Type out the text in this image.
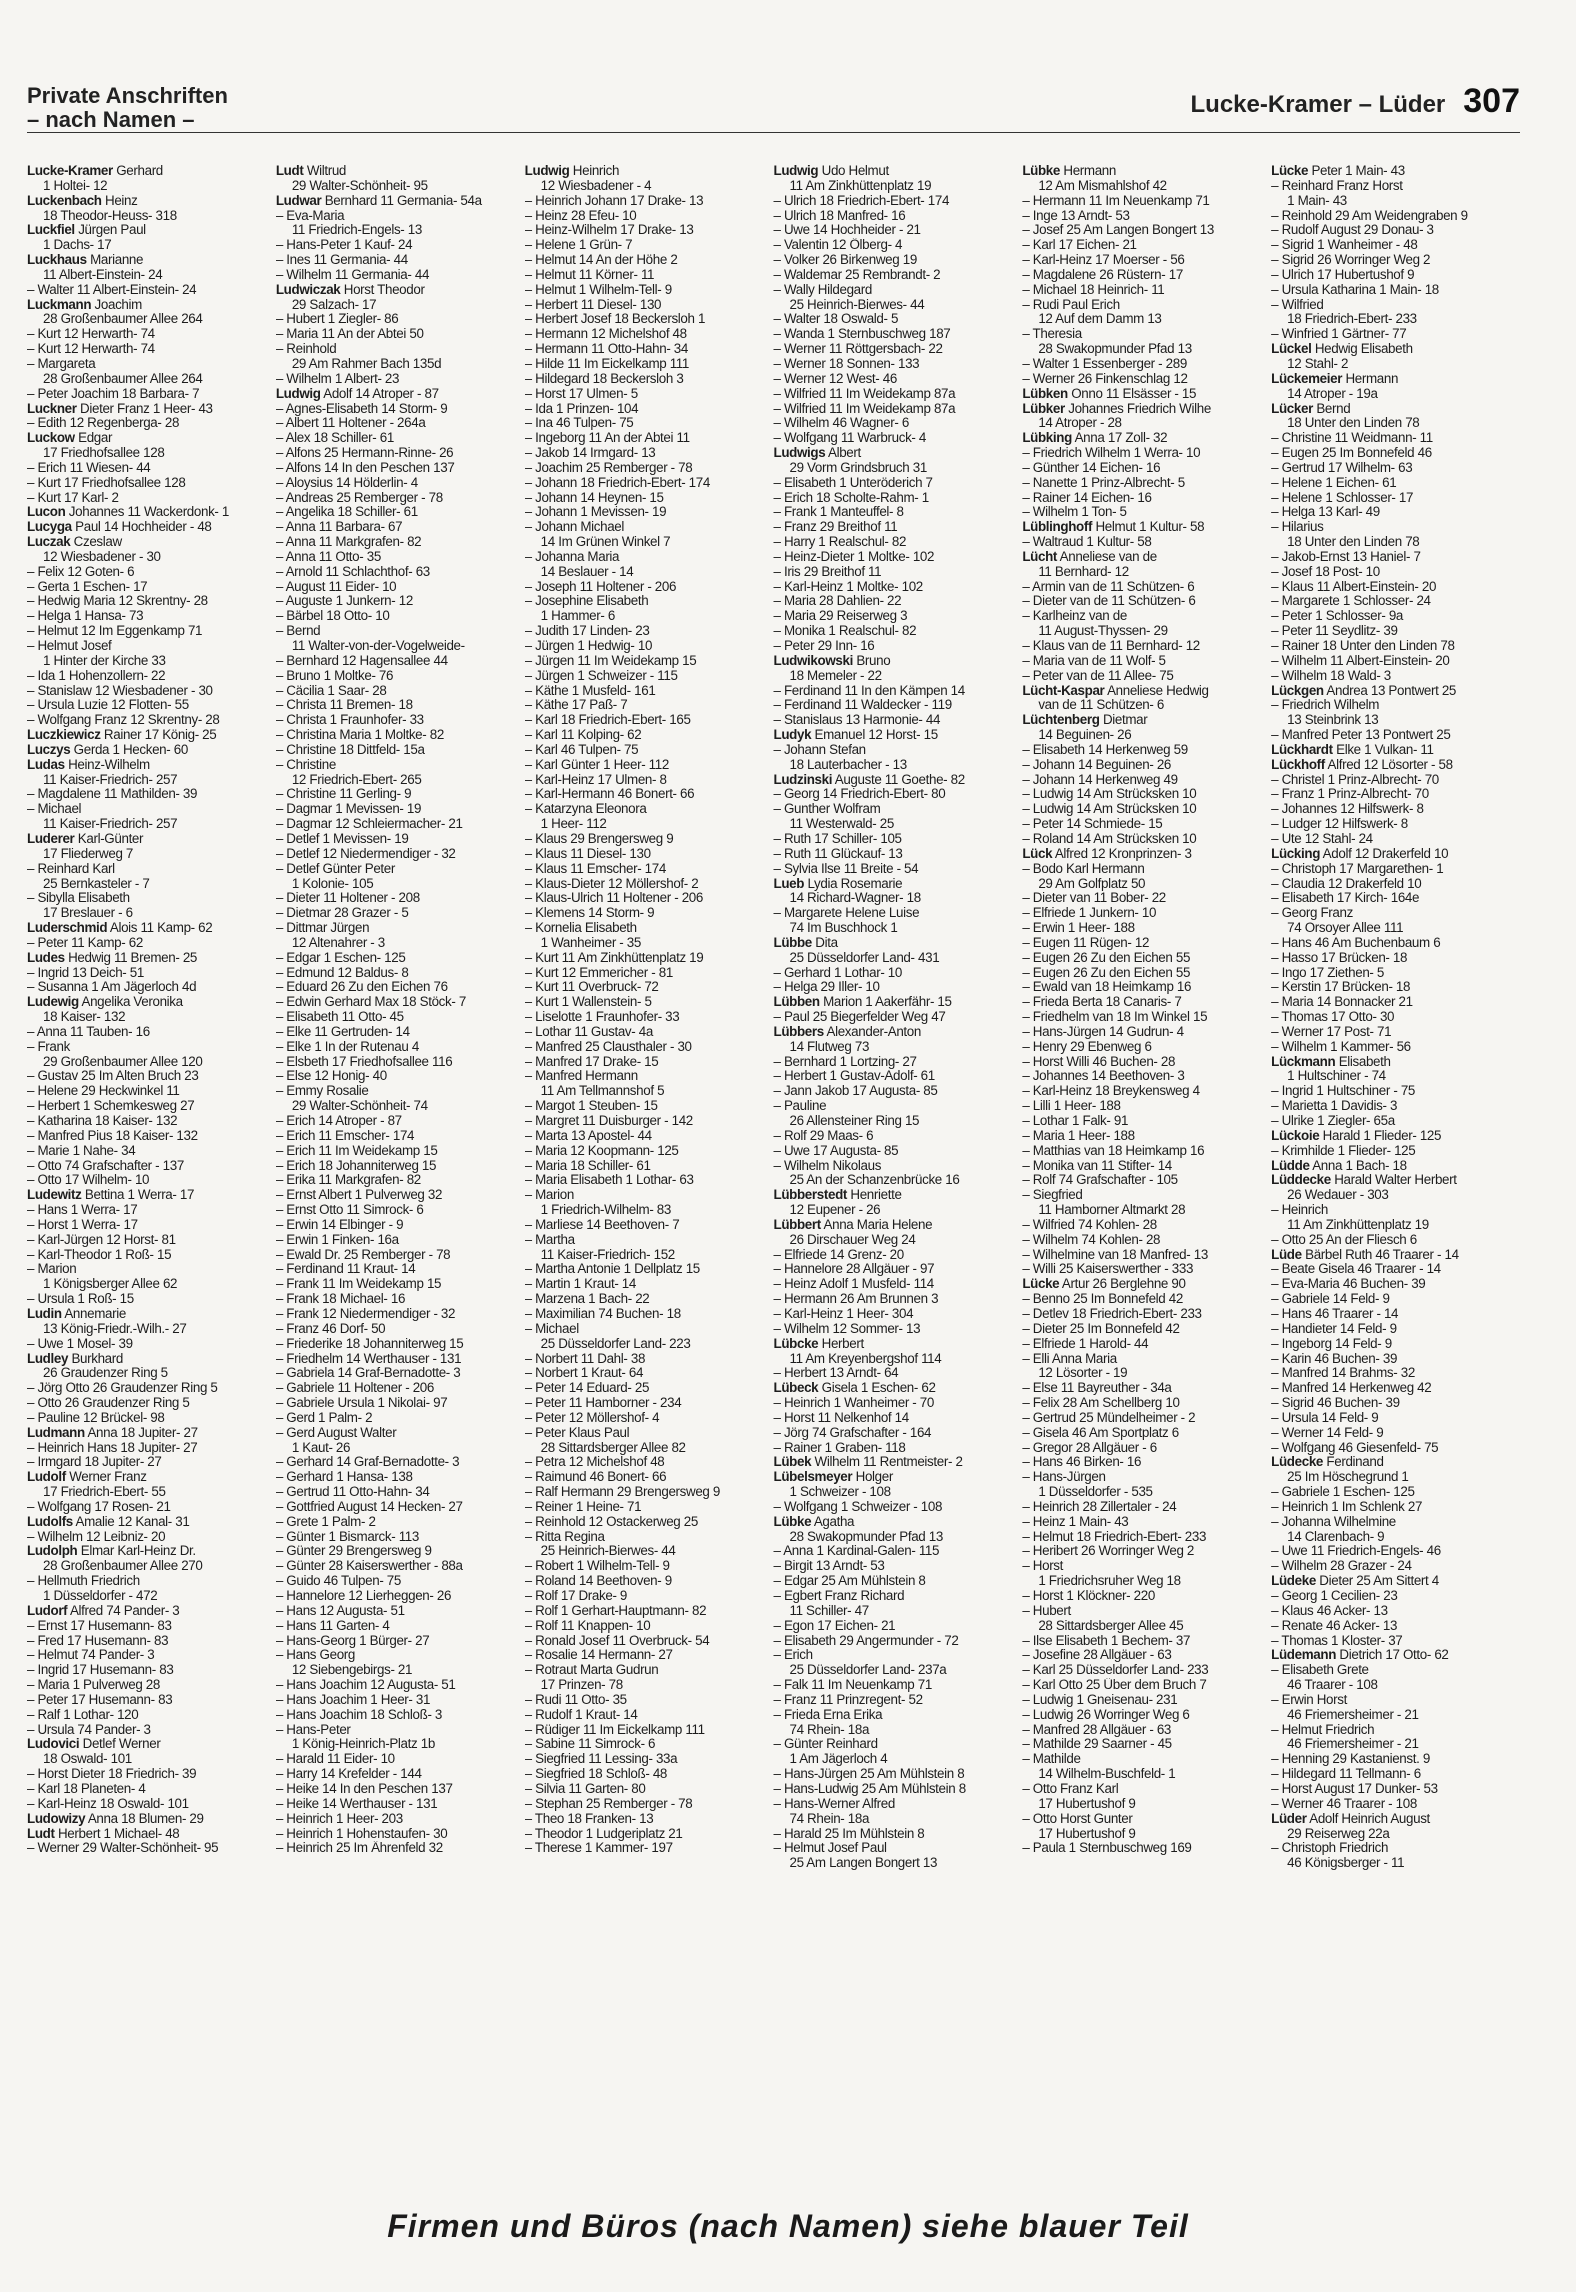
Private Anschriften
– nach Namen –
Lucke-Kramer – Lüder 307
Lucke-Kramer Gerhard
1 Holtei- 12
Luckenbach Heinz
18 Theodor-Heuss- 318
Luckfiel Jürgen Paul
1 Dachs- 17
Luckhaus Marianne
11 Albert-Einstein- 24
– Walter 11 Albert-Einstein- 24
Luckmann Joachim
28 Großenbaumer Allee 264
– Kurt 12 Herwarth- 74
– Kurt 12 Herwarth- 74
– Margareta
28 Großenbaumer Allee 264
– Peter Joachim 18 Barbara- 7
Luckner Dieter Franz 1 Heer- 43
– Edith 12 Regenberga- 28
Luckow Edgar
17 Friedhofsallee 128
– Erich 11 Wiesen- 44
– Kurt 17 Friedhofsallee 128
– Kurt 17 Karl- 2
Lucon Johannes 11 Wackerdonk- 1
Lucyga Paul 14 Hochheider - 48
Luczak Czeslaw
12 Wiesbadener - 30
– Felix 12 Goten- 6
– Gerta 1 Eschen- 17
– Hedwig Maria 12 Skrentny- 28
– Helga 1 Hansa- 73
– Helmut 12 Im Eggenkamp 71
– Helmut Josef
1 Hinter der Kirche 33
– Ida 1 Hohenzollern- 22
– Stanislaw 12 Wiesbadener - 30
– Ursula Luzie 12 Flotten- 55
– Wolfgang Franz 12 Skrentny- 28
Luczkiewicz Rainer 17 König- 25
Luczys Gerda 1 Hecken- 60
Ludas Heinz-Wilhelm
11 Kaiser-Friedrich- 257
– Magdalene 11 Mathilden- 39
– Michael
11 Kaiser-Friedrich- 257
Luderer Karl-Günter
17 Fliederweg 7
– Reinhard Karl
25 Bernkasteler - 7
– Sibylla Elisabeth
17 Breslauer - 6
Luderschmid Alois 11 Kamp- 62
– Peter 11 Kamp- 62
Ludes Hedwig 11 Bremen- 25
– Ingrid 13 Deich- 51
– Susanna 1 Am Jägerloch 4d
Ludewig Angelika Veronika
18 Kaiser- 132
– Anna 11 Tauben- 16
– Frank
29 Großenbaumer Allee 120
– Gustav 25 Im Alten Bruch 23
– Helene 29 Heckwinkel 11
– Herbert 1 Schemkesweg 27
– Katharina 18 Kaiser- 132
– Manfred Pius 18 Kaiser- 132
– Marie 1 Nahe- 34
– Otto 74 Grafschafter - 137
– Otto 17 Wilhelm- 10
Ludewitz Bettina 1 Werra- 17
– Hans 1 Werra- 17
– Horst 1 Werra- 17
– Karl-Jürgen 12 Horst- 81
– Karl-Theodor 1 Roß- 15
– Marion
1 Königsberger Allee 62
– Ursula 1 Roß- 15
Ludin Annemarie
13 König-Friedr.-Wilh.- 27
– Uwe 1 Mosel- 39
Ludley Burkhard
26 Graudenzer Ring 5
– Jörg Otto 26 Graudenzer Ring 5
– Otto 26 Graudenzer Ring 5
– Pauline 12 Brückel- 98
Ludmann Anna 18 Jupiter- 27
– Heinrich Hans 18 Jupiter- 27
– Irmgard 18 Jupiter- 27
Ludolf Werner Franz
17 Friedrich-Ebert- 55
– Wolfgang 17 Rosen- 21
Ludolfs Amalie 12 Kanal- 31
– Wilhelm 12 Leibniz- 20
Ludolph Elmar Karl-Heinz Dr.
28 Großenbaumer Allee 270
– Hellmuth Friedrich
1 Düsseldorfer - 472
Ludorf Alfred 74 Pander- 3
– Ernst 17 Husemann- 83
– Fred 17 Husemann- 83
– Helmut 74 Pander- 3
– Ingrid 17 Husemann- 83
– Maria 1 Pulverweg 28
– Peter 17 Husemann- 83
– Ralf 1 Lothar- 120
– Ursula 74 Pander- 3
Ludovici Detlef Werner
18 Oswald- 101
– Horst Dieter 18 Friedrich- 39
– Karl 18 Planeten- 4
– Karl-Heinz 18 Oswald- 101
Ludowizy Anna 18 Blumen- 29
Ludt Herbert 1 Michael- 48
– Werner 29 Walter-Schönheit- 95
Ludt Wiltrud
29 Walter-Schönheit- 95
Ludwar Bernhard 11 Germania- 54a
– Eva-Maria
11 Friedrich-Engels- 13
– Hans-Peter 1 Kauf- 24
– Ines 11 Germania- 44
– Wilhelm 11 Germania- 44
Ludwiczak Horst Theodor
29 Salzach- 17
– Hubert 1 Ziegler- 86
– Maria 11 An der Abtei 50
– Reinhold
29 Am Rahmer Bach 135d
– Wilhelm 1 Albert- 23
Ludwig Adolf 14 Atroper - 87
– Agnes-Elisabeth 14 Storm- 9
– Albert 11 Holtener - 264a
– Alex 18 Schiller- 61
– Alfons 25 Hermann-Rinne- 26
– Alfons 14 In den Peschen 137
– Aloysius 14 Hölderlin- 4
– Andreas 25 Remberger - 78
– Angelika 18 Schiller- 61
– Anna 11 Barbara- 67
– Anna 11 Markgrafen- 82
– Anna 11 Otto- 35
– Arnold 11 Schlachthof- 63
– August 11 Eider- 10
– Auguste 1 Junkern- 12
– Bärbel 18 Otto- 10
– Bernd
11 Walter-von-der-Vogelweide-
– Bernhard 12 Hagensallee 44
– Bruno 1 Moltke- 76
– Cäcilia 1 Saar- 28
– Christa 11 Bremen- 18
– Christa 1 Fraunhofer- 33
– Christina Maria 1 Moltke- 82
– Christine 18 Dittfeld- 15a
– Christine
12 Friedrich-Ebert- 265
– Christine 11 Gerling- 9
– Dagmar 1 Mevissen- 19
– Dagmar 12 Schleiermacher- 21
– Detlef 1 Mevissen- 19
– Detlef 12 Niedermendiger - 32
– Detlef Günter Peter
1 Kolonie- 105
– Dieter 11 Holtener - 208
– Dietmar 28 Grazer - 5
– Dittmar Jürgen
12 Altenahrer - 3
– Edgar 1 Eschen- 125
– Edmund 12 Baldus- 8
– Eduard 26 Zu den Eichen 76
– Edwin Gerhard Max 18 Stöck- 7
– Elisabeth 11 Otto- 45
– Elke 11 Gertruden- 14
– Elke 1 In der Rutenau 4
– Elsbeth 17 Friedhofsallee 116
– Else 12 Honig- 40
– Emmy Rosalie
29 Walter-Schönheit- 74
– Erich 14 Atroper - 87
– Erich 11 Emscher- 174
– Erich 11 Im Weidekamp 15
– Erich 18 Johanniterweg 15
– Erika 11 Markgrafen- 82
– Ernst Albert 1 Pulverweg 32
– Ernst Otto 11 Simrock- 6
– Erwin 14 Elbinger - 9
– Erwin 1 Finken- 16a
– Ewald Dr. 25 Remberger - 78
– Ferdinand 11 Kraut- 14
– Frank 11 Im Weidekamp 15
– Frank 18 Michael- 16
– Frank 12 Niedermendiger - 32
– Franz 46 Dorf- 50
– Friederike 18 Johanniterweg 15
– Friedhelm 14 Werthauser - 131
– Gabriela 14 Graf-Bernadotte- 3
– Gabriele 11 Holtener - 206
– Gabriele Ursula 1 Nikolai- 97
– Gerd 1 Palm- 2
– Gerd August Walter
1 Kaut- 26
– Gerhard 14 Graf-Bernadotte- 3
– Gerhard 1 Hansa- 138
– Gertrud 11 Otto-Hahn- 34
– Gottfried August 14 Hecken- 27
– Grete 1 Palm- 2
– Günter 1 Bismarck- 113
– Günter 29 Brengersweg 9
– Günter 28 Kaiserswerther - 88a
– Guido 46 Tulpen- 75
– Hannelore 12 Lierheggen- 26
– Hans 12 Augusta- 51
– Hans 11 Garten- 4
– Hans-Georg 1 Bürger- 27
– Hans Georg
12 Siebengebirgs- 21
– Hans Joachim 12 Augusta- 51
– Hans Joachim 1 Heer- 31
– Hans Joachim 18 Schloß- 3
– Hans-Peter
1 König-Heinrich-Platz 1b
– Harald 11 Eider- 10
– Harry 14 Krefelder - 144
– Heike 14 In den Peschen 137
– Heike 14 Werthauser - 131
– Heinrich 1 Heer- 203
– Heinrich 1 Hohenstaufen- 30
– Heinrich 25 Im Ährenfeld 32
Ludwig Heinrich
12 Wiesbadener - 4
– Heinrich Johann 17 Drake- 13
– Heinz 28 Efeu- 10
– Heinz-Wilhelm 17 Drake- 13
– Helene 1 Grün- 7
– Helmut 14 An der Höhe 2
– Helmut 11 Körner- 11
– Helmut 1 Wilhelm-Tell- 9
– Herbert 11 Diesel- 130
– Herbert Josef 18 Beckersloh 1
– Hermann 12 Michelshof 48
– Hermann 11 Otto-Hahn- 34
– Hilde 11 Im Eickelkamp 111
– Hildegard 18 Beckersloh 3
– Horst 17 Ulmen- 5
– Ida 1 Prinzen- 104
– Ina 46 Tulpen- 75
– Ingeborg 11 An der Abtei 11
– Jakob 14 Irmgard- 13
– Joachim 25 Remberger - 78
– Johann 18 Friedrich-Ebert- 174
– Johann 14 Heynen- 15
– Johann 1 Mevissen- 19
– Johann Michael
14 Im Grünen Winkel 7
– Johanna Maria
14 Beslauer - 14
– Joseph 11 Holtener - 206
– Josephine Elisabeth
1 Hammer- 6
– Judith 17 Linden- 23
– Jürgen 1 Hedwig- 10
– Jürgen 11 Im Weidekamp 15
– Jürgen 1 Schweizer - 115
– Käthe 1 Musfeld- 161
– Käthe 17 Paß- 7
– Karl 18 Friedrich-Ebert- 165
– Karl 11 Kolping- 62
– Karl 46 Tulpen- 75
– Karl Günter 1 Heer- 112
– Karl-Heinz 17 Ulmen- 8
– Karl-Hermann 46 Bonert- 66
– Katarzyna Eleonora
1 Heer- 112
– Klaus 29 Brengersweg 9
– Klaus 11 Diesel- 130
– Klaus 11 Emscher- 174
– Klaus-Dieter 12 Möllershof- 2
– Klaus-Ulrich 11 Holtener - 206
– Klemens 14 Storm- 9
– Kornelia Elisabeth
1 Wanheimer - 35
– Kurt 11 Am Zinkhüttenplatz 19
– Kurt 12 Emmericher - 81
– Kurt 11 Overbruck- 72
– Kurt 1 Wallenstein- 5
– Liselotte 1 Fraunhofer- 33
– Lothar 11 Gustav- 4a
– Manfred 25 Clausthaler - 30
– Manfred 17 Drake- 15
– Manfred Hermann
11 Am Tellmannshof 5
– Margot 1 Steuben- 15
– Margret 11 Duisburger - 142
– Marta 13 Apostel- 44
– Maria 12 Koopmann- 125
– Maria 18 Schiller- 61
– Maria Elisabeth 1 Lothar- 63
– Marion
1 Friedrich-Wilhelm- 83
– Marliese 14 Beethoven- 7
– Martha
11 Kaiser-Friedrich- 152
– Martha Antonie 1 Dellplatz 15
– Martin 1 Kraut- 14
– Marzena 1 Bach- 22
– Maximilian 74 Buchen- 18
– Michael
25 Düsseldorfer Land- 223
– Norbert 11 Dahl- 38
– Norbert 1 Kraut- 64
– Peter 14 Eduard- 25
– Peter 11 Hamborner - 234
– Peter 12 Möllershof- 4
– Peter Klaus Paul
28 Sittardsberger Allee 82
– Petra 12 Michelshof 48
– Raimund 46 Bonert- 66
– Ralf Hermann 29 Brengersweg 9
– Reiner 1 Heine- 71
– Reinhold 12 Ostackerweg 25
– Ritta Regina
25 Heinrich-Bierwes- 44
– Robert 1 Wilhelm-Tell- 9
– Roland 14 Beethoven- 9
– Rolf 17 Drake- 9
– Rolf 1 Gerhart-Hauptmann- 82
– Rolf 11 Knappen- 10
– Ronald Josef 11 Overbruck- 54
– Rosalie 14 Hermann- 27
– Rotraut Marta Gudrun
17 Prinzen- 78
– Rudi 11 Otto- 35
– Rudolf 1 Kraut- 14
– Rüdiger 11 Im Eickelkamp 111
– Sabine 11 Simrock- 6
– Siegfried 11 Lessing- 33a
– Siegfried 18 Schloß- 48
– Silvia 11 Garten- 80
– Stephan 25 Remberger - 78
– Theo 18 Franken- 13
– Theodor 1 Ludgeriplatz 21
– Therese 1 Kammer- 197
Ludwig Udo Helmut
11 Am Zinkhüttenplatz 19
– Ulrich 18 Friedrich-Ebert- 174
– Ulrich 18 Manfred- 16
– Uwe 14 Hochheider - 21
– Valentin 12 Ölberg- 4
– Volker 26 Birkenweg 19
– Waldemar 25 Rembrandt- 2
– Wally Hildegard
25 Heinrich-Bierwes- 44
– Walter 18 Oswald- 5
– Wanda 1 Sternbuschweg 187
– Werner 11 Röttgersbach- 22
– Werner 18 Sonnen- 133
– Werner 12 West- 46
– Wilfried 11 Im Weidekamp 87a
– Wilfried 11 Im Weidekamp 87a
– Wilhelm 46 Wagner- 6
– Wolfgang 11 Warbruck- 4
Ludwigs Albert
29 Vorm Grindsbruch 31
– Elisabeth 1 Unteröderich 7
– Erich 18 Scholte-Rahm- 1
– Frank 1 Manteuffel- 8
– Franz 29 Breithof 11
– Harry 1 Realschul- 82
– Heinz-Dieter 1 Moltke- 102
– Iris 29 Breithof 11
– Karl-Heinz 1 Moltke- 102
– Maria 28 Dahlien- 22
– Maria 29 Reiserweg 3
– Monika 1 Realschul- 82
– Peter 29 Inn- 16
Ludwikowski Bruno
18 Memeler - 22
– Ferdinand 11 In den Kämpen 14
– Ferdinand 11 Waldecker - 119
– Stanislaus 13 Harmonie- 44
Ludyk Emanuel 12 Horst- 15
– Johann Stefan
18 Lauterbacher - 13
Ludzinski Auguste 11 Goethe- 82
– Georg 14 Friedrich-Ebert- 80
– Gunther Wolfram
11 Westerwald- 25
– Ruth 17 Schiller- 105
– Ruth 11 Glückauf- 13
– Sylvia Ilse 11 Breite - 54
Lueb Lydia Rosemarie
14 Richard-Wagner- 18
– Margarete Helene Luise
74 Im Buschhock 1
Lübbe Dita
25 Düsseldorfer Land- 431
– Gerhard 1 Lothar- 10
– Helga 29 Iller- 10
Lübben Marion 1 Aakerfähr- 15
– Paul 25 Biegerfelder Weg 47
Lübbers Alexander-Anton
14 Flutweg 73
– Bernhard 1 Lortzing- 27
– Herbert 1 Gustav-Adolf- 61
– Jann Jakob 17 Augusta- 85
– Pauline
26 Allensteiner Ring 15
– Rolf 29 Maas- 6
– Uwe 17 Augusta- 85
– Wilhelm Nikolaus
25 An der Schanzenbrücke 16
Lübberstedt Henriette
12 Eupener - 26
Lübbert Anna Maria Helene
26 Dirschauer Weg 24
– Elfriede 14 Grenz- 20
– Hannelore 28 Allgäuer - 97
– Heinz Adolf 1 Musfeld- 114
– Hermann 26 Am Brunnen 3
– Karl-Heinz 1 Heer- 304
– Wilhelm 12 Sommer- 13
Lübcke Herbert
11 Am Kreyenbergshof 114
– Herbert 13 Arndt- 64
Lübeck Gisela 1 Eschen- 62
– Heinrich 1 Wanheimer - 70
– Horst 11 Nelkenhof 14
– Jörg 74 Grafschafter - 164
– Rainer 1 Graben- 118
Lübek Wilhelm 11 Rentmeister- 2
Lübelsmeyer Holger
1 Schweizer - 108
– Wolfgang 1 Schweizer - 108
Lübke Agatha
28 Swakopmunder Pfad 13
– Anna 1 Kardinal-Galen- 115
– Birgit 13 Arndt- 53
– Edgar 25 Am Mühlstein 8
– Egbert Franz Richard
11 Schiller- 47
– Egon 17 Eichen- 21
– Elisabeth 29 Angermunder - 72
– Erich
25 Düsseldorfer Land- 237a
– Falk 11 Im Neuenkamp 71
– Franz 11 Prinzregent- 52
– Frieda Erna Erika
74 Rhein- 18a
– Günter Reinhard
1 Am Jägerloch 4
– Hans-Jürgen 25 Am Mühlstein 8
– Hans-Ludwig 25 Am Mühlstein 8
– Hans-Werner Alfred
74 Rhein- 18a
– Harald 25 Im Mühlstein 8
– Helmut Josef Paul
25 Am Langen Bongert 13
Lübke Hermann
12 Am Mismahlshof 42
– Hermann 11 Im Neuenkamp 71
– Inge 13 Arndt- 53
– Josef 25 Am Langen Bongert 13
– Karl 17 Eichen- 21
– Karl-Heinz 17 Moerser - 56
– Magdalene 26 Rüstern- 17
– Michael 18 Heinrich- 11
– Rudi Paul Erich
12 Auf dem Damm 13
– Theresia
28 Swakopmunder Pfad 13
– Walter 1 Essenberger - 289
– Werner 26 Finkenschlag 12
Lübken Onno 11 Elsässer - 15
Lübker Johannes Friedrich Wilhe
14 Atroper - 28
Lübking Anna 17 Zoll- 32
– Friedrich Wilhelm 1 Werra- 10
– Günther 14 Eichen- 16
– Nanette 1 Prinz-Albrecht- 5
– Rainer 14 Eichen- 16
– Wilhelm 1 Ton- 5
Lüblinghoff Helmut 1 Kultur- 58
– Waltraud 1 Kultur- 58
Lücht Anneliese van de
11 Bernhard- 12
– Armin van de 11 Schützen- 6
– Dieter van de 11 Schützen- 6
– Karlheinz van de
11 August-Thyssen- 29
– Klaus van de 11 Bernhard- 12
– Maria van de 11 Wolf- 5
– Peter van de 11 Allee- 75
Lücht-Kaspar Anneliese Hedwig
van de 11 Schützen- 6
Lüchtenberg Dietmar
14 Beguinen- 26
– Elisabeth 14 Herkenweg 59
– Johann 14 Beguinen- 26
– Johann 14 Herkenweg 49
– Ludwig 14 Am Strücksken 10
– Ludwig 14 Am Strücksken 10
– Peter 14 Schmiede- 15
– Roland 14 Am Strücksken 10
Lück Alfred 12 Kronprinzen- 3
– Bodo Karl Hermann
29 Am Golfplatz 50
– Dieter van 11 Bober- 22
– Elfriede 1 Junkern- 10
– Erwin 1 Heer- 188
– Eugen 11 Rügen- 12
– Eugen 26 Zu den Eichen 55
– Eugen 26 Zu den Eichen 55
– Ewald van 18 Heimkamp 16
– Frieda Berta 18 Canaris- 7
– Friedhelm van 18 Im Winkel 15
– Hans-Jürgen 14 Gudrun- 4
– Henry 29 Ebenweg 6
– Horst Willi 46 Buchen- 28
– Johannes 14 Beethoven- 3
– Karl-Heinz 18 Breykensweg 4
– Lilli 1 Heer- 188
– Lothar 1 Falk- 91
– Maria 1 Heer- 188
– Matthias van 18 Heimkamp 16
– Monika van 11 Stifter- 14
– Rolf 74 Grafschafter - 105
– Siegfried
11 Hamborner Altmarkt 28
– Wilfried 74 Kohlen- 28
– Wilhelm 74 Kohlen- 28
– Wilhelmine van 18 Manfred- 13
– Willi 25 Kaiserswerther - 333
Lücke Artur 26 Berglehne 90
– Benno 25 Im Bonnefeld 42
– Detlev 18 Friedrich-Ebert- 233
– Dieter 25 Im Bonnefeld 42
– Elfriede 1 Harold- 44
– Elli Anna Maria
12 Lösorter - 19
– Else 11 Bayreuther - 34a
– Felix 28 Am Schellberg 10
– Gertrud 25 Mündelheimer - 2
– Gisela 46 Am Sportplatz 6
– Gregor 28 Allgäuer - 6
– Hans 46 Birken- 16
– Hans-Jürgen
1 Düsseldorfer - 535
– Heinrich 28 Zillertaler - 24
– Heinz 1 Main- 43
– Helmut 18 Friedrich-Ebert- 233
– Heribert 26 Worringer Weg 2
– Horst
1 Friedrichsruher Weg 18
– Horst 1 Klöckner- 220
– Hubert
28 Sittardsberger Allee 45
– Ilse Elisabeth 1 Bechem- 37
– Josefine 28 Allgäuer - 63
– Karl 25 Düsseldorfer Land- 233
– Karl Otto 25 Über dem Bruch 7
– Ludwig 1 Gneisenau- 231
– Ludwig 26 Worringer Weg 6
– Manfred 28 Allgäuer - 63
– Mathilde 29 Saarner - 45
– Mathilde
14 Wilhelm-Buschfeld- 1
– Otto Franz Karl
17 Hubertushof 9
– Otto Horst Gunter
17 Hubertushof 9
– Paula 1 Sternbuschweg 169
Lücke Peter 1 Main- 43
– Reinhard Franz Horst
1 Main- 43
– Reinhold 29 Am Weidengraben 9
– Rudolf August 29 Donau- 3
– Sigrid 1 Wanheimer - 48
– Sigrid 26 Worringer Weg 2
– Ulrich 17 Hubertushof 9
– Ursula Katharina 1 Main- 18
– Wilfried
18 Friedrich-Ebert- 233
– Winfried 1 Gärtner- 77
Lückel Hedwig Elisabeth
12 Stahl- 2
Lückemeier Hermann
14 Atroper - 19a
Lücker Bernd
18 Unter den Linden 78
– Christine 11 Weidmann- 11
– Eugen 25 Im Bonnefeld 46
– Gertrud 17 Wilhelm- 63
– Helene 1 Eichen- 61
– Helene 1 Schlosser- 17
– Helga 13 Karl- 49
– Hilarius
18 Unter den Linden 78
– Jakob-Ernst 13 Haniel- 7
– Josef 18 Post- 10
– Klaus 11 Albert-Einstein- 20
– Margarete 1 Schlosser- 24
– Peter 1 Schlosser- 9a
– Peter 11 Seydlitz- 39
– Rainer 18 Unter den Linden 78
– Wilhelm 11 Albert-Einstein- 20
– Wilhelm 18 Wald- 3
Lückgen Andrea 13 Pontwert 25
– Friedrich Wilhelm
13 Steinbrink 13
– Manfred Peter 13 Pontwert 25
Lückhardt Elke 1 Vulkan- 11
Lückhoff Alfred 12 Lösorter - 58
– Christel 1 Prinz-Albrecht- 70
– Franz 1 Prinz-Albrecht- 70
– Johannes 12 Hilfswerk- 8
– Ludger 12 Hilfswerk- 8
– Ute 12 Stahl- 24
Lücking Adolf 12 Drakerfeld 10
– Christoph 17 Margarethen- 1
– Claudia 12 Drakerfeld 10
– Elisabeth 17 Kirch- 164e
– Georg Franz
74 Orsoyer Allee 111
– Hans 46 Am Buchenbaum 6
– Hasso 17 Brücken- 18
– Ingo 17 Ziethen- 5
– Kerstin 17 Brücken- 18
– Maria 14 Bonnacker 21
– Thomas 17 Otto- 30
– Werner 17 Post- 71
– Wilhelm 1 Kammer- 56
Lückmann Elisabeth
1 Hultschiner - 74
– Ingrid 1 Hultschiner - 75
– Marietta 1 Davidis- 3
– Ulrike 1 Ziegler- 65a
Lückoie Harald 1 Flieder- 125
– Krimhilde 1 Flieder- 125
Lüdde Anna 1 Bach- 18
Lüddecke Harald Walter Herbert
26 Wedauer - 303
– Heinrich
11 Am Zinkhüttenplatz 19
– Otto 25 An der Fliesch 6
Lüde Bärbel Ruth 46 Traarer - 14
– Beate Gisela 46 Traarer - 14
– Eva-Maria 46 Buchen- 39
– Gabriele 14 Feld- 9
– Hans 46 Traarer - 14
– Handieter 14 Feld- 9
– Ingeborg 14 Feld- 9
– Karin 46 Buchen- 39
– Manfred 14 Brahms- 32
– Manfred 14 Herkenweg 42
– Sigrid 46 Buchen- 39
– Ursula 14 Feld- 9
– Werner 14 Feld- 9
– Wolfgang 46 Giesenfeld- 75
Lüdecke Ferdinand
25 Im Höschegrund 1
– Gabriele 1 Eschen- 125
– Heinrich 1 Im Schlenk 27
– Johanna Wilhelmine
14 Clarenbach- 9
– Uwe 11 Friedrich-Engels- 46
– Wilhelm 28 Grazer - 24
Lüdeke Dieter 25 Am Sittert 4
– Georg 1 Cecilien- 23
– Klaus 46 Acker- 13
– Renate 46 Acker- 13
– Thomas 1 Kloster- 37
Lüdemann Dietrich 17 Otto- 62
– Elisabeth Grete
46 Traarer - 108
– Erwin Horst
46 Friemersheimer - 21
– Helmut Friedrich
46 Friemersheimer - 21
– Henning 29 Kastanienst. 9
– Hildegard 11 Tellmann- 6
– Horst August 17 Dunker- 53
– Werner 46 Traarer - 108
Lüder Adolf Heinrich August
29 Reiserweg 22a
– Christoph Friedrich
46 Königsberger - 11
Firmen und Büros (nach Namen) siehe blauer Teil
